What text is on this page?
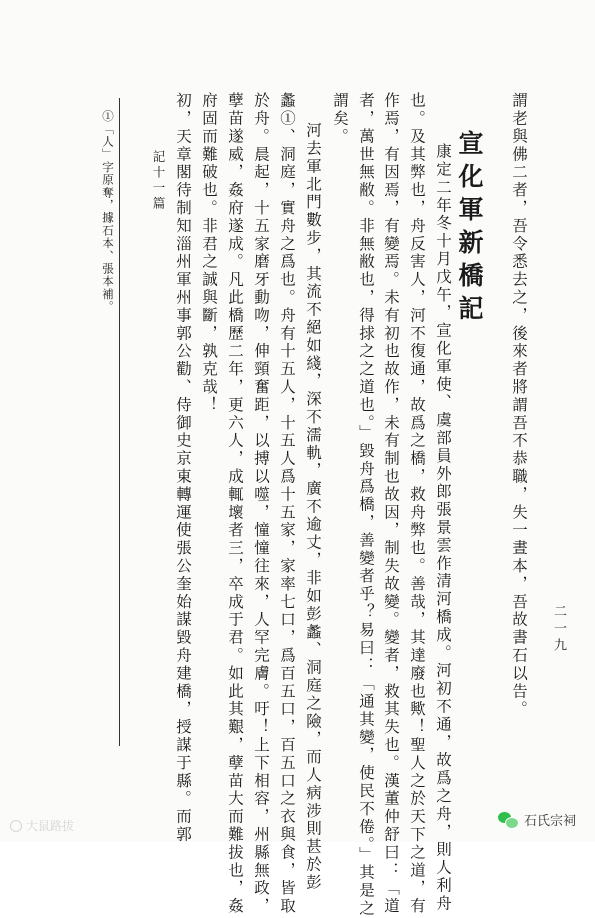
謂老與佛二者，吾令悉去之，後來者將謂吾不恭職，失一晝本，吾故書石以告。
宣化軍新橋記
康定二年冬十月戊午，宣化軍使、虞部員外郎張景雲作清河橋成。河初不通，故爲之舟，則人利舟
也。及其弊也，舟反害人，河不復通，故爲之橋，救舟弊也。善哉，其達廢也歟！聖人之於天下之道，有
作焉，有因焉，有變焉。未有初也故作，未有制也故因，制失故變。變者，救其失也。漢董仲舒曰：「道
者，萬世無敝。非無敝也，得捄之之道也。」毀舟爲橋，善變者乎？易曰：「通其變，使民不倦。」其是之
謂矣。
河去軍北門數步，其流不絕如綫，深不濡軌，廣不逾丈，非如彭蠡、洞庭之險，而人病涉則甚於彭
蠡①、洞庭，實舟之爲也。舟有十五人，十五人爲十五家，家率七口，爲百五口，百五口之衣與食，皆取
於舟。晨起，十五家磨牙動吻，伸頸奮距，以搏以噬，憧憧往來，人罕完膚。吁！上下相容，州縣無政，
孽苗遂威，姦府遂成。凡此橋歷二年，更六人，成輒壞者三，卒成于君。如此其艱，孽苗大而難拔也，姦
府固而難破也。非君之誠與斷，孰克哉！
初，天章閣待制知淄州軍州事郭公勸、侍御史京東轉運使張公奎始謀毀舟建橋，授謀于縣。而郭
記十一篇
①「人」字原奪，據石本、張本補。
二一九
大鼠路拔	石氏宗祠
